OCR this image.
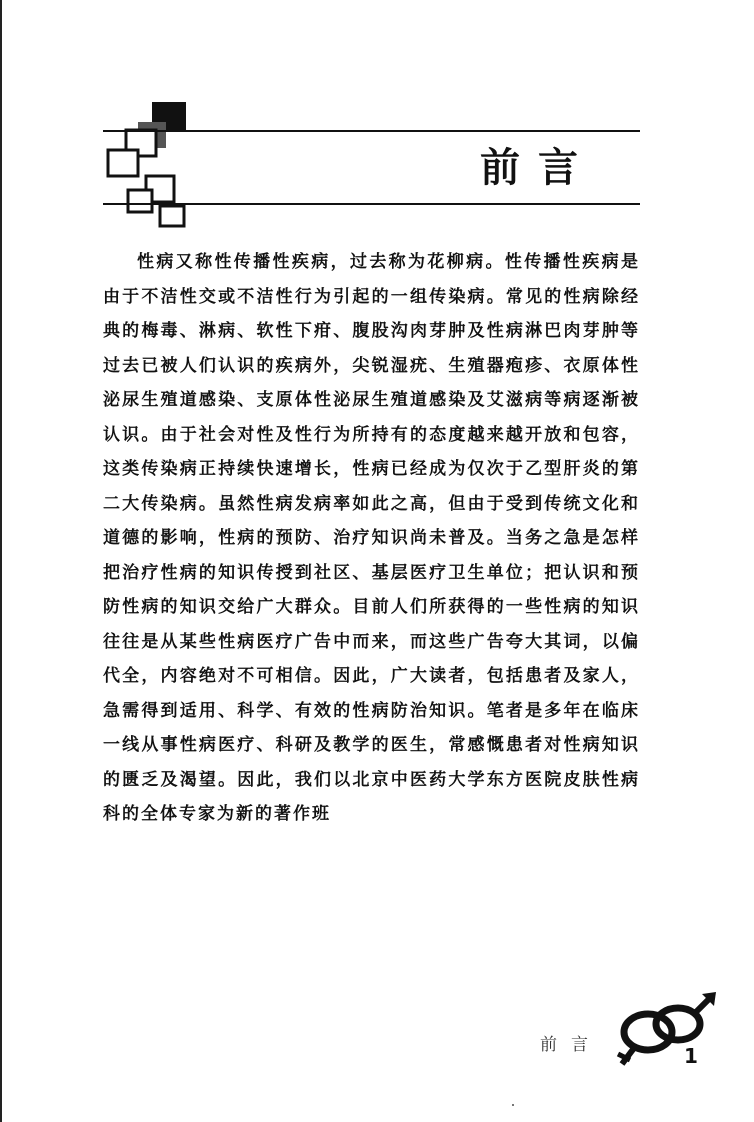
前言

性病又称性传播性疾病，过去称为花柳病。性传播性疾病是由于不洁性交或不洁性行为引起的一组传染病。常见的性病除经典的梅毒、淋病、软性下疳、腹股沟肉芽肿及性病淋巴肉芽肿等过去已被人们认识的疾病外，尖锐湿疣、生殖器疱疹、衣原体性泌尿生殖道感染、支原体性泌尿生殖道感染及艾滋病等病逐渐被认识。由于社会对性及性行为所持有的态度越来越开放和包容，这类传染病正持续快速增长，性病已经成为仅次于乙型肝炎的第二大传染病。虽然性病发病率如此之高，但由于受到传统文化和道德的影响，性病的预防、治疗知识尚未普及。当务之急是怎样把治疗性病的知识传授到社区、基层医疗卫生单位；把认识和预防性病的知识交给广大群众。目前人们所获得的一些性病的知识往往是从某些性病医疗广告中而来，而这些广告夸大其词，以偏代全，内容绝对不可相信。因此，广大读者，包括患者及家人，急需得到适用、科学、有效的性病防治知识。笔者是多年在临床一线从事性病医疗、科研及教学的医生，常感慨患者对性病知识的匮乏及渴望。因此，我们以北京中医药大学东方医院皮肤性病科的全体专家为新的著作班

前言	1
